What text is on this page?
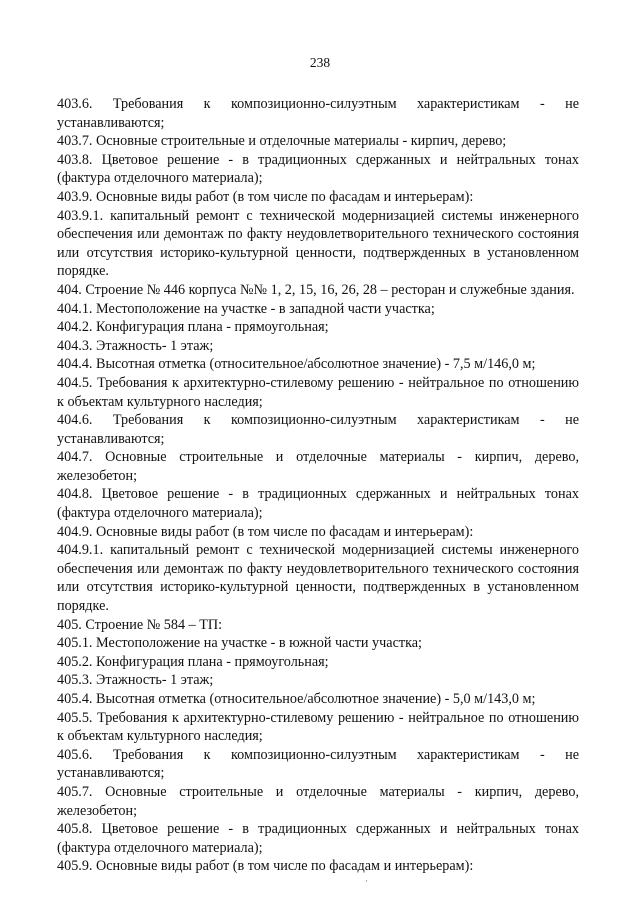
238

403.6. Требования к композиционно-силуэтным характеристикам - не устанавливаются;

403.7. Основные строительные и отделочные материалы - кирпич, дерево;

403.8. Цветовое решение - в традиционных сдержанных и нейтральных тонах (фактура отделочного материала);

403.9. Основные виды работ (в том числе по фасадам и интерьерам):

403.9.1. капитальный ремонт с технической модернизацией системы инженерного обеспечения или демонтаж по факту неудовлетворительного технического состояния или отсутствия историко-культурной ценности, подтвержденных в установленном порядке.

404. Строение № 446 корпуса №№ 1, 2, 15, 16, 26, 28 – ресторан и служебные здания.

404.1. Местоположение на участке - в западной части участка;

404.2. Конфигурация плана - прямоугольная;

404.3. Этажность- 1 этаж;

404.4. Высотная отметка (относительное/абсолютное значение) - 7,5 м/146,0 м;

404.5. Требования к архитектурно-стилевому решению - нейтральное по отношению к объектам культурного наследия;

404.6. Требования к композиционно-силуэтным характеристикам - не устанавливаются;

404.7. Основные строительные и отделочные материалы - кирпич, дерево, железобетон;

404.8. Цветовое решение - в традиционных сдержанных и нейтральных тонах (фактура отделочного материала);

404.9. Основные виды работ (в том числе по фасадам и интерьерам):

404.9.1. капитальный ремонт с технической модернизацией системы инженерного обеспечения или демонтаж по факту неудовлетворительного технического состояния или отсутствия историко-культурной ценности, подтвержденных в установленном порядке.

405. Строение № 584 – ТП:

405.1. Местоположение на участке - в южной части участка;

405.2. Конфигурация плана - прямоугольная;

405.3. Этажность- 1 этаж;

405.4. Высотная отметка (относительное/абсолютное значение) - 5,0 м/143,0 м;

405.5. Требования к архитектурно-стилевому решению - нейтральное по отношению к объектам культурного наследия;

405.6. Требования к композиционно-силуэтным характеристикам - не устанавливаются;

405.7. Основные строительные и отделочные материалы - кирпич, дерево, железобетон;

405.8. Цветовое решение - в традиционных сдержанных и нейтральных тонах (фактура отделочного материала);

405.9. Основные виды работ (в том числе по фасадам и интерьерам):

·
